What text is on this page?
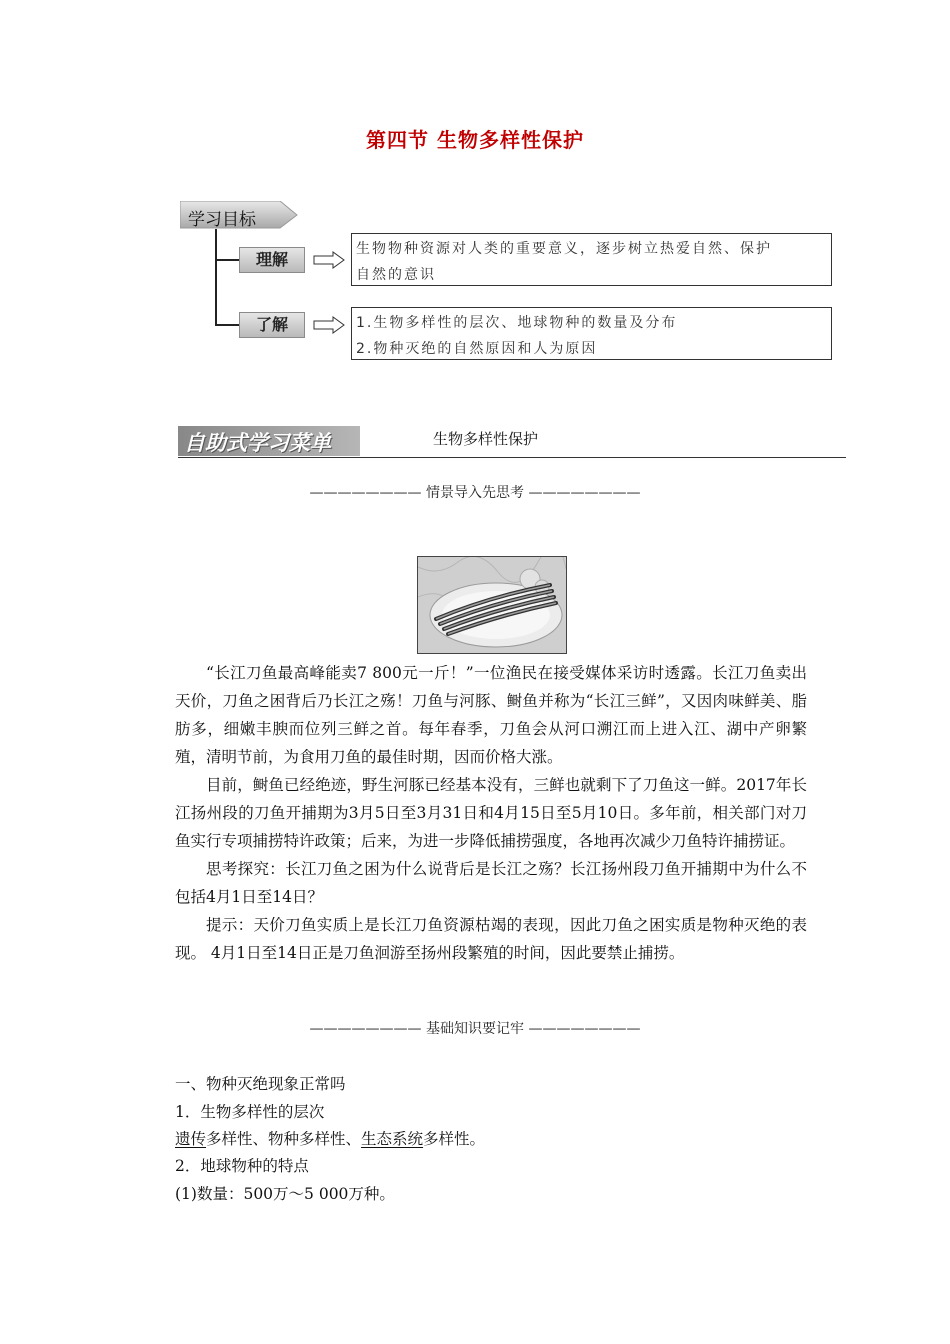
第四节 生物多样性保护
学习目标
理解
生物物种资源对人类的重要意义，逐步树立热爱自然、保护
自然的意识
了解	1.生物多样性的层次、地球物种的数量及分布
2.物种灭绝的自然原因和人为原因
自助式学习菜单	生物多样性保护
———————— 情景导入先思考 ————————

“长江刀鱼最高峰能卖7 800元一斤！”一位渔民在接受媒体采访时透露。长江刀鱼卖出天价，刀鱼之困背后乃长江之殇！刀鱼与河豚、鲥鱼并称为“长江三鲜”，又因肉味鲜美、脂肪多，细嫩丰腴而位列三鲜之首。每年春季，刀鱼会从河口溯江而上进入江、湖中产卵繁殖，清明节前，为食用刀鱼的最佳时期，因而价格大涨。

目前，鲥鱼已经绝迹，野生河豚已经基本没有，三鲜也就剩下了刀鱼这一鲜。2017年长江扬州段的刀鱼开捕期为3月5日至3月31日和4月15日至5月10日。多年前，相关部门对刀鱼实行专项捕捞特许政策；后来，为进一步降低捕捞强度，各地再次减少刀鱼特许捕捞证。

思考探究：长江刀鱼之困为什么说背后是长江之殇？长江扬州段刀鱼开捕期中为什么不包括4月1日至14日？

提示：天价刀鱼实质上是长江刀鱼资源枯竭的表现，因此刀鱼之困实质是物种灭绝的表现。 4月1日至14日正是刀鱼洄游至扬州段繁殖的时间，因此要禁止捕捞。

———————— 基础知识要记牢 ————————
一、物种灭绝现象正常吗
1．生物多样性的层次
遗传多样性、物种多样性、生态系统多样性。
2．地球物种的特点
(1)数量：500万～5 000万种。
